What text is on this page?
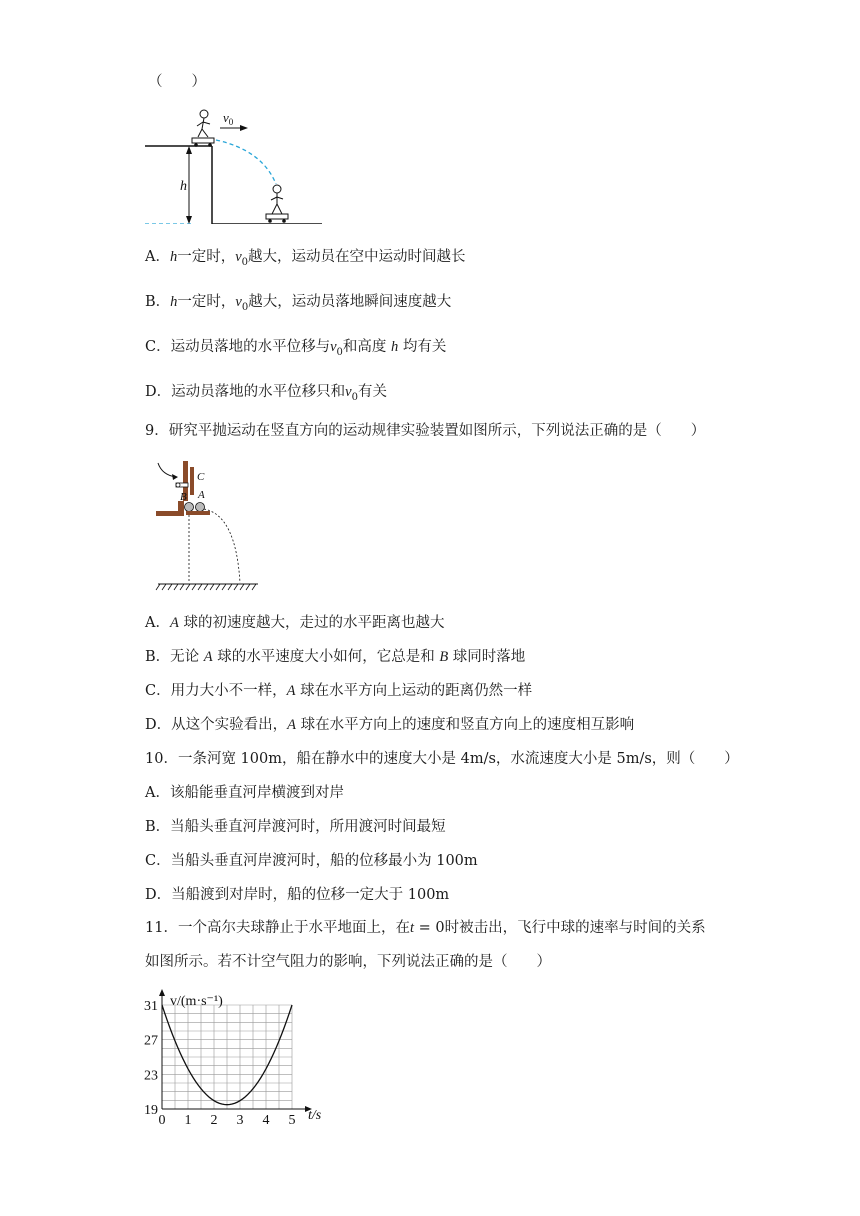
（　　）
h
$v_0$
A．h一定时，$v_0$越大，运动员在空中运动时间越长
B．h一定时，$v_0$越大，运动员落地瞬间速度越大
C．运动员落地的水平位移与$v_0$和高度 h 均有关
D．运动员落地的水平位移只和$v_0$有关
9．研究平抛运动在竖直方向的运动规律实验装置如图所示，下列说法正确的是（　　）
C
B A
A．A 球的初速度越大，走过的水平距离也越大
B．无论 A 球的水平速度大小如何，它总是和 B 球同时落地
C．用力大小不一样，A 球在水平方向上运动的距离仍然一样
D．从这个实验看出，A 球在水平方向上的速度和竖直方向上的速度相互影响
10．一条河宽 100m，船在静水中的速度大小是 4m/s，水流速度大小是 5m/s，则（　　）
A．该船能垂直河岸横渡到对岸
B．当船头垂直河岸渡河时，所用渡河时间最短
C．当船头垂直河岸渡河时，船的位移最小为 100m
D．当船渡到对岸时，船的位移一定大于 100m
11．一个高尔夫球静止于水平地面上，在t = 0时被击出，飞行中球的速率与时间的关系
如图所示。若不计空气阻力的影响，下列说法正确的是（　　）
0 1 2 3 4 5
19
23
27
31 v/(m·s⁻¹)
t/s
